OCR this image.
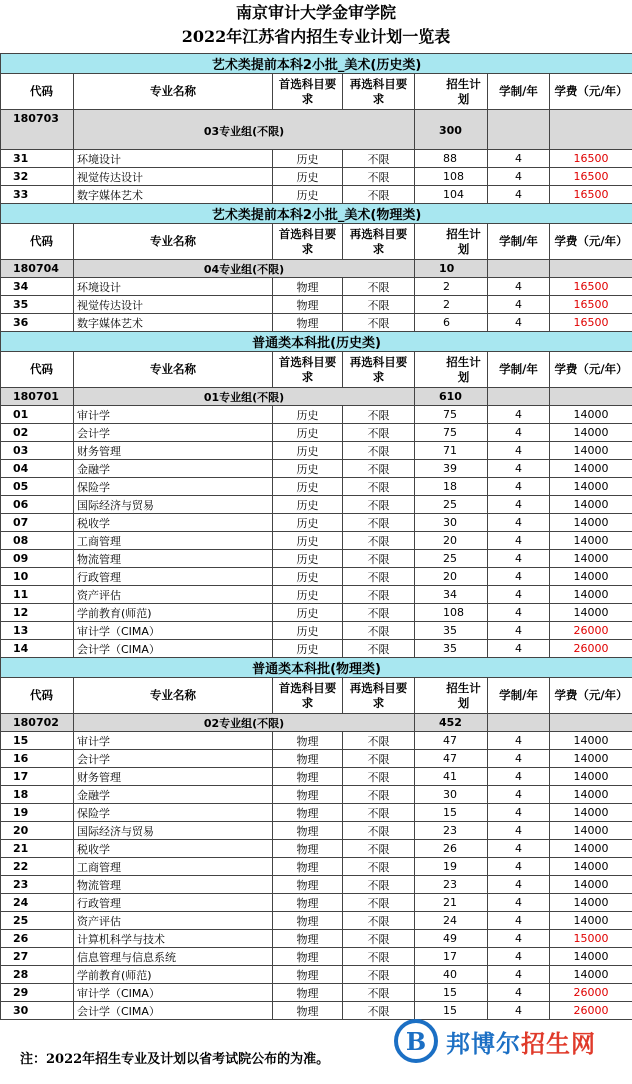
南京审计大学金审学院
2022年江苏省内招生专业计划一览表
艺术类提前本科2小批_美术(历史类)						
代码	专业名称	首选科目要求	再选科目要求	招生计划	学制/年	学费（元/年）
180703	03专业组(不限)			300		
31	环境设计	历史	不限	88	4	16500
32	视觉传达设计	历史	不限	108	4	16500
33	数字媒体艺术	历史	不限	104	4	16500
艺术类提前本科2小批_美术(物理类)						
代码	专业名称	首选科目要求	再选科目要求	招生计划	学制/年	学费（元/年）
180704	04专业组(不限)			10		
34	环境设计	物理	不限	2	4	16500
35	视觉传达设计	物理	不限	2	4	16500
36	数字媒体艺术	物理	不限	6	4	16500
普通类本科批(历史类)						
代码	专业名称	首选科目要求	再选科目要求	招生计划	学制/年	学费（元/年）
180701	01专业组(不限)			610		
01	审计学	历史	不限	75	4	14000
02	会计学	历史	不限	75	4	14000
03	财务管理	历史	不限	71	4	14000
04	金融学	历史	不限	39	4	14000
05	保险学	历史	不限	18	4	14000
06	国际经济与贸易	历史	不限	25	4	14000
07	税收学	历史	不限	30	4	14000
08	工商管理	历史	不限	20	4	14000
09	物流管理	历史	不限	25	4	14000
10	行政管理	历史	不限	20	4	14000
11	资产评估	历史	不限	34	4	14000
12	学前教育(师范)	历史	不限	108	4	14000
13	审计学（CIMA）	历史	不限	35	4	26000
14	会计学（CIMA）	历史	不限	35	4	26000
普通类本科批(物理类)						
代码	专业名称	首选科目要求	再选科目要求	招生计划	学制/年	学费（元/年）
180702	02专业组(不限)			452		
15	审计学	物理	不限	47	4	14000
16	会计学	物理	不限	47	4	14000
17	财务管理	物理	不限	41	4	14000
18	金融学	物理	不限	30	4	14000
19	保险学	物理	不限	15	4	14000
20	国际经济与贸易	物理	不限	23	4	14000
21	税收学	物理	不限	26	4	14000
22	工商管理	物理	不限	19	4	14000
23	物流管理	物理	不限	23	4	14000
24	行政管理	物理	不限	21	4	14000
25	资产评估	物理	不限	24	4	14000
26	计算机科学与技术	物理	不限	49	4	15000
27	信息管理与信息系统	物理	不限	17	4	14000
28	学前教育(师范)	物理	不限	40	4	14000
29	审计学（CIMA）	物理	不限	15	4	26000
30	会计学（CIMA）	物理	不限	15	4	26000
注：2022年招生专业及计划以省考试院公布的为准。
B 邦博尔招生网
